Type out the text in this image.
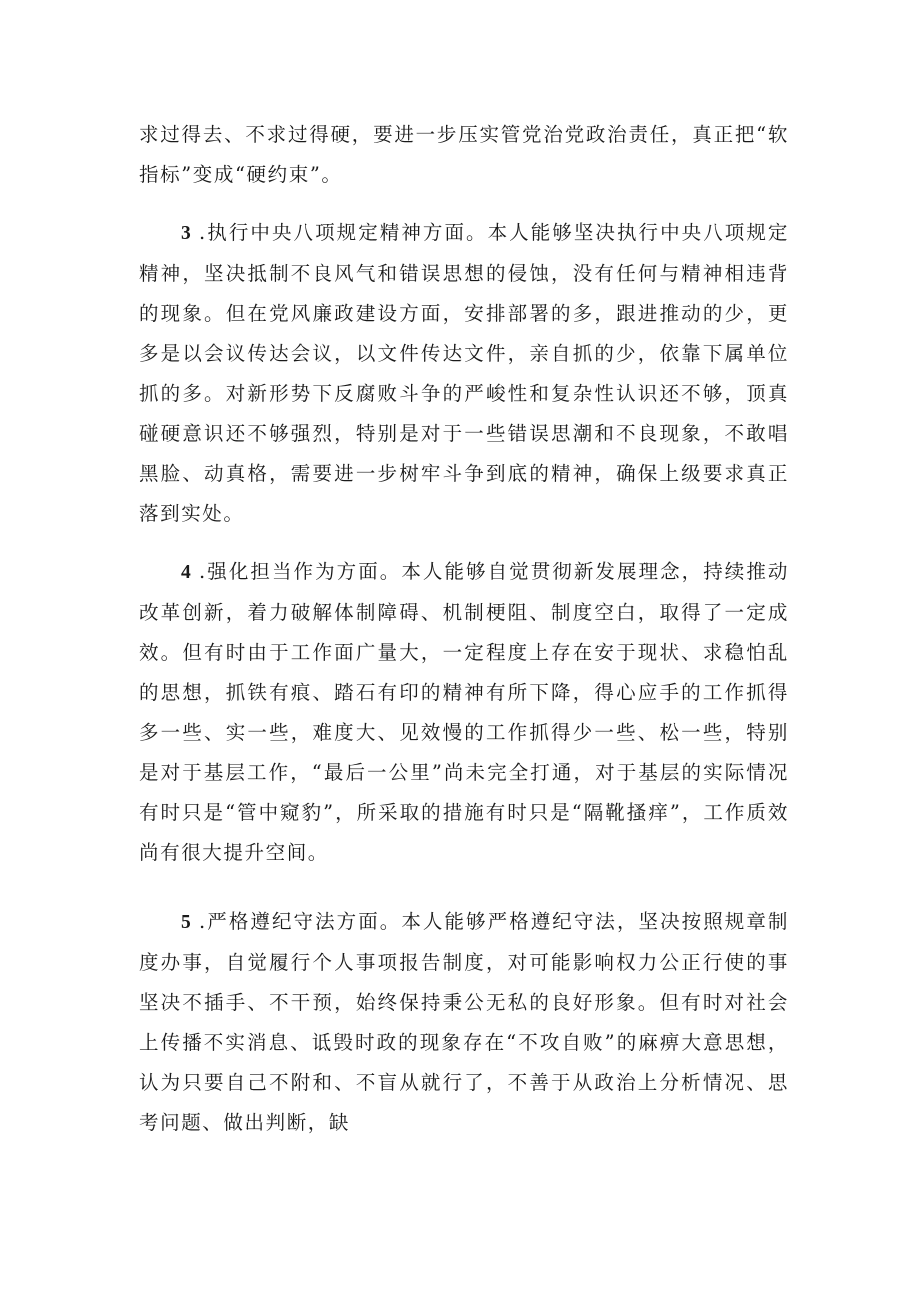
求过得去、不求过得硬，要进一步压实管党治党政治责任，真正把“软指标”变成“硬约束”。

3 .执行中央八项规定精神方面。本人能够坚决执行中央八项规定精神，坚决抵制不良风气和错误思想的侵蚀，没有任何与精神相违背的现象。但在党风廉政建设方面，安排部署的多，跟进推动的少，更多是以会议传达会议，以文件传达文件，亲自抓的少，依靠下属单位抓的多。对新形势下反腐败斗争的严峻性和复杂性认识还不够，顶真碰硬意识还不够强烈，特别是对于一些错误思潮和不良现象，不敢唱黑脸、动真格，需要进一步树牢斗争到底的精神，确保上级要求真正落到实处。

4 .强化担当作为方面。本人能够自觉贯彻新发展理念，持续推动改革创新，着力破解体制障碍、机制梗阻、制度空白，取得了一定成效。但有时由于工作面广量大，一定程度上存在安于现状、求稳怕乱的思想，抓铁有痕、踏石有印的精神有所下降，得心应手的工作抓得多一些、实一些，难度大、见效慢的工作抓得少一些、松一些，特别是对于基层工作，“最后一公里”尚未完全打通，对于基层的实际情况有时只是“管中窥豹”，所采取的措施有时只是“隔靴搔痒”，工作质效尚有很大提升空间。

5 .严格遵纪守法方面。本人能够严格遵纪守法，坚决按照规章制度办事，自觉履行个人事项报告制度，对可能影响权力公正行使的事坚决不插手、不干预，始终保持秉公无私的良好形象。但有时对社会上传播不实消息、诋毁时政的现象存在“不攻自败”的麻痹大意思想，认为只要自己不附和、不盲从就行了，不善于从政治上分析情况、思考问题、做出判断，缺
